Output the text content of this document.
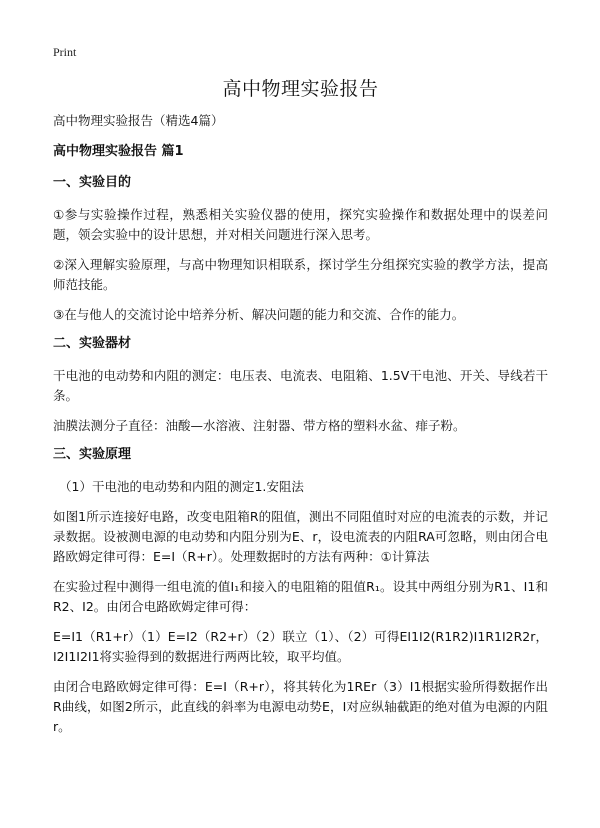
Print
高中物理实验报告
高中物理实验报告（精选4篇）
高中物理实验报告 篇1
一、实验目的

①参与实验操作过程，熟悉相关实验仪器的使用，探究实验操作和数据处理中的误差问题，领会实验中的设计思想，并对相关问题进行深入思考。

②深入理解实验原理，与高中物理知识相联系，探讨学生分组探究实验的教学方法，提高师范技能。

③在与他人的交流讨论中培养分析、解决问题的能力和交流、合作的能力。

二、实验器材

干电池的电动势和内阻的测定：电压表、电流表、电阻箱、1.5V干电池、开关、导线若干条。

油膜法测分子直径：油酸—水溶液、注射器、带方格的塑料水盆、痱子粉。

三、实验原理

（1）干电池的电动势和内阻的测定1.安阻法

如图1所示连接好电路，改变电阻箱R的阻值，测出不同阻值时对应的电流表的示数，并记录数据。设被测电源的电动势和内阻分别为E、r，设电流表的内阻RA可忽略，则由闭合电路欧姆定律可得：E=I（R+r）。处理数据时的方法有两种：①计算法

在实验过程中测得一组电流的值I₁和接入的电阻箱的阻值R₁。设其中两组分别为R1、I1和R2、I2。由闭合电路欧姆定律可得：

E=I1（R1+r）（1）E=I2（R2+r）（2）联立（1）、（2）可得EI1I2(R1R2)I1R1I2R2r，I2I1I2I1将实验得到的数据进行两两比较，取平均值。

由闭合电路欧姆定律可得：E=I（R+r），将其转化为1REr（3）I1根据实验所得数据作出R曲线，如图2所示，此直线的斜率为电源电动势E，I对应纵轴截距的绝对值为电源的内阻r。
